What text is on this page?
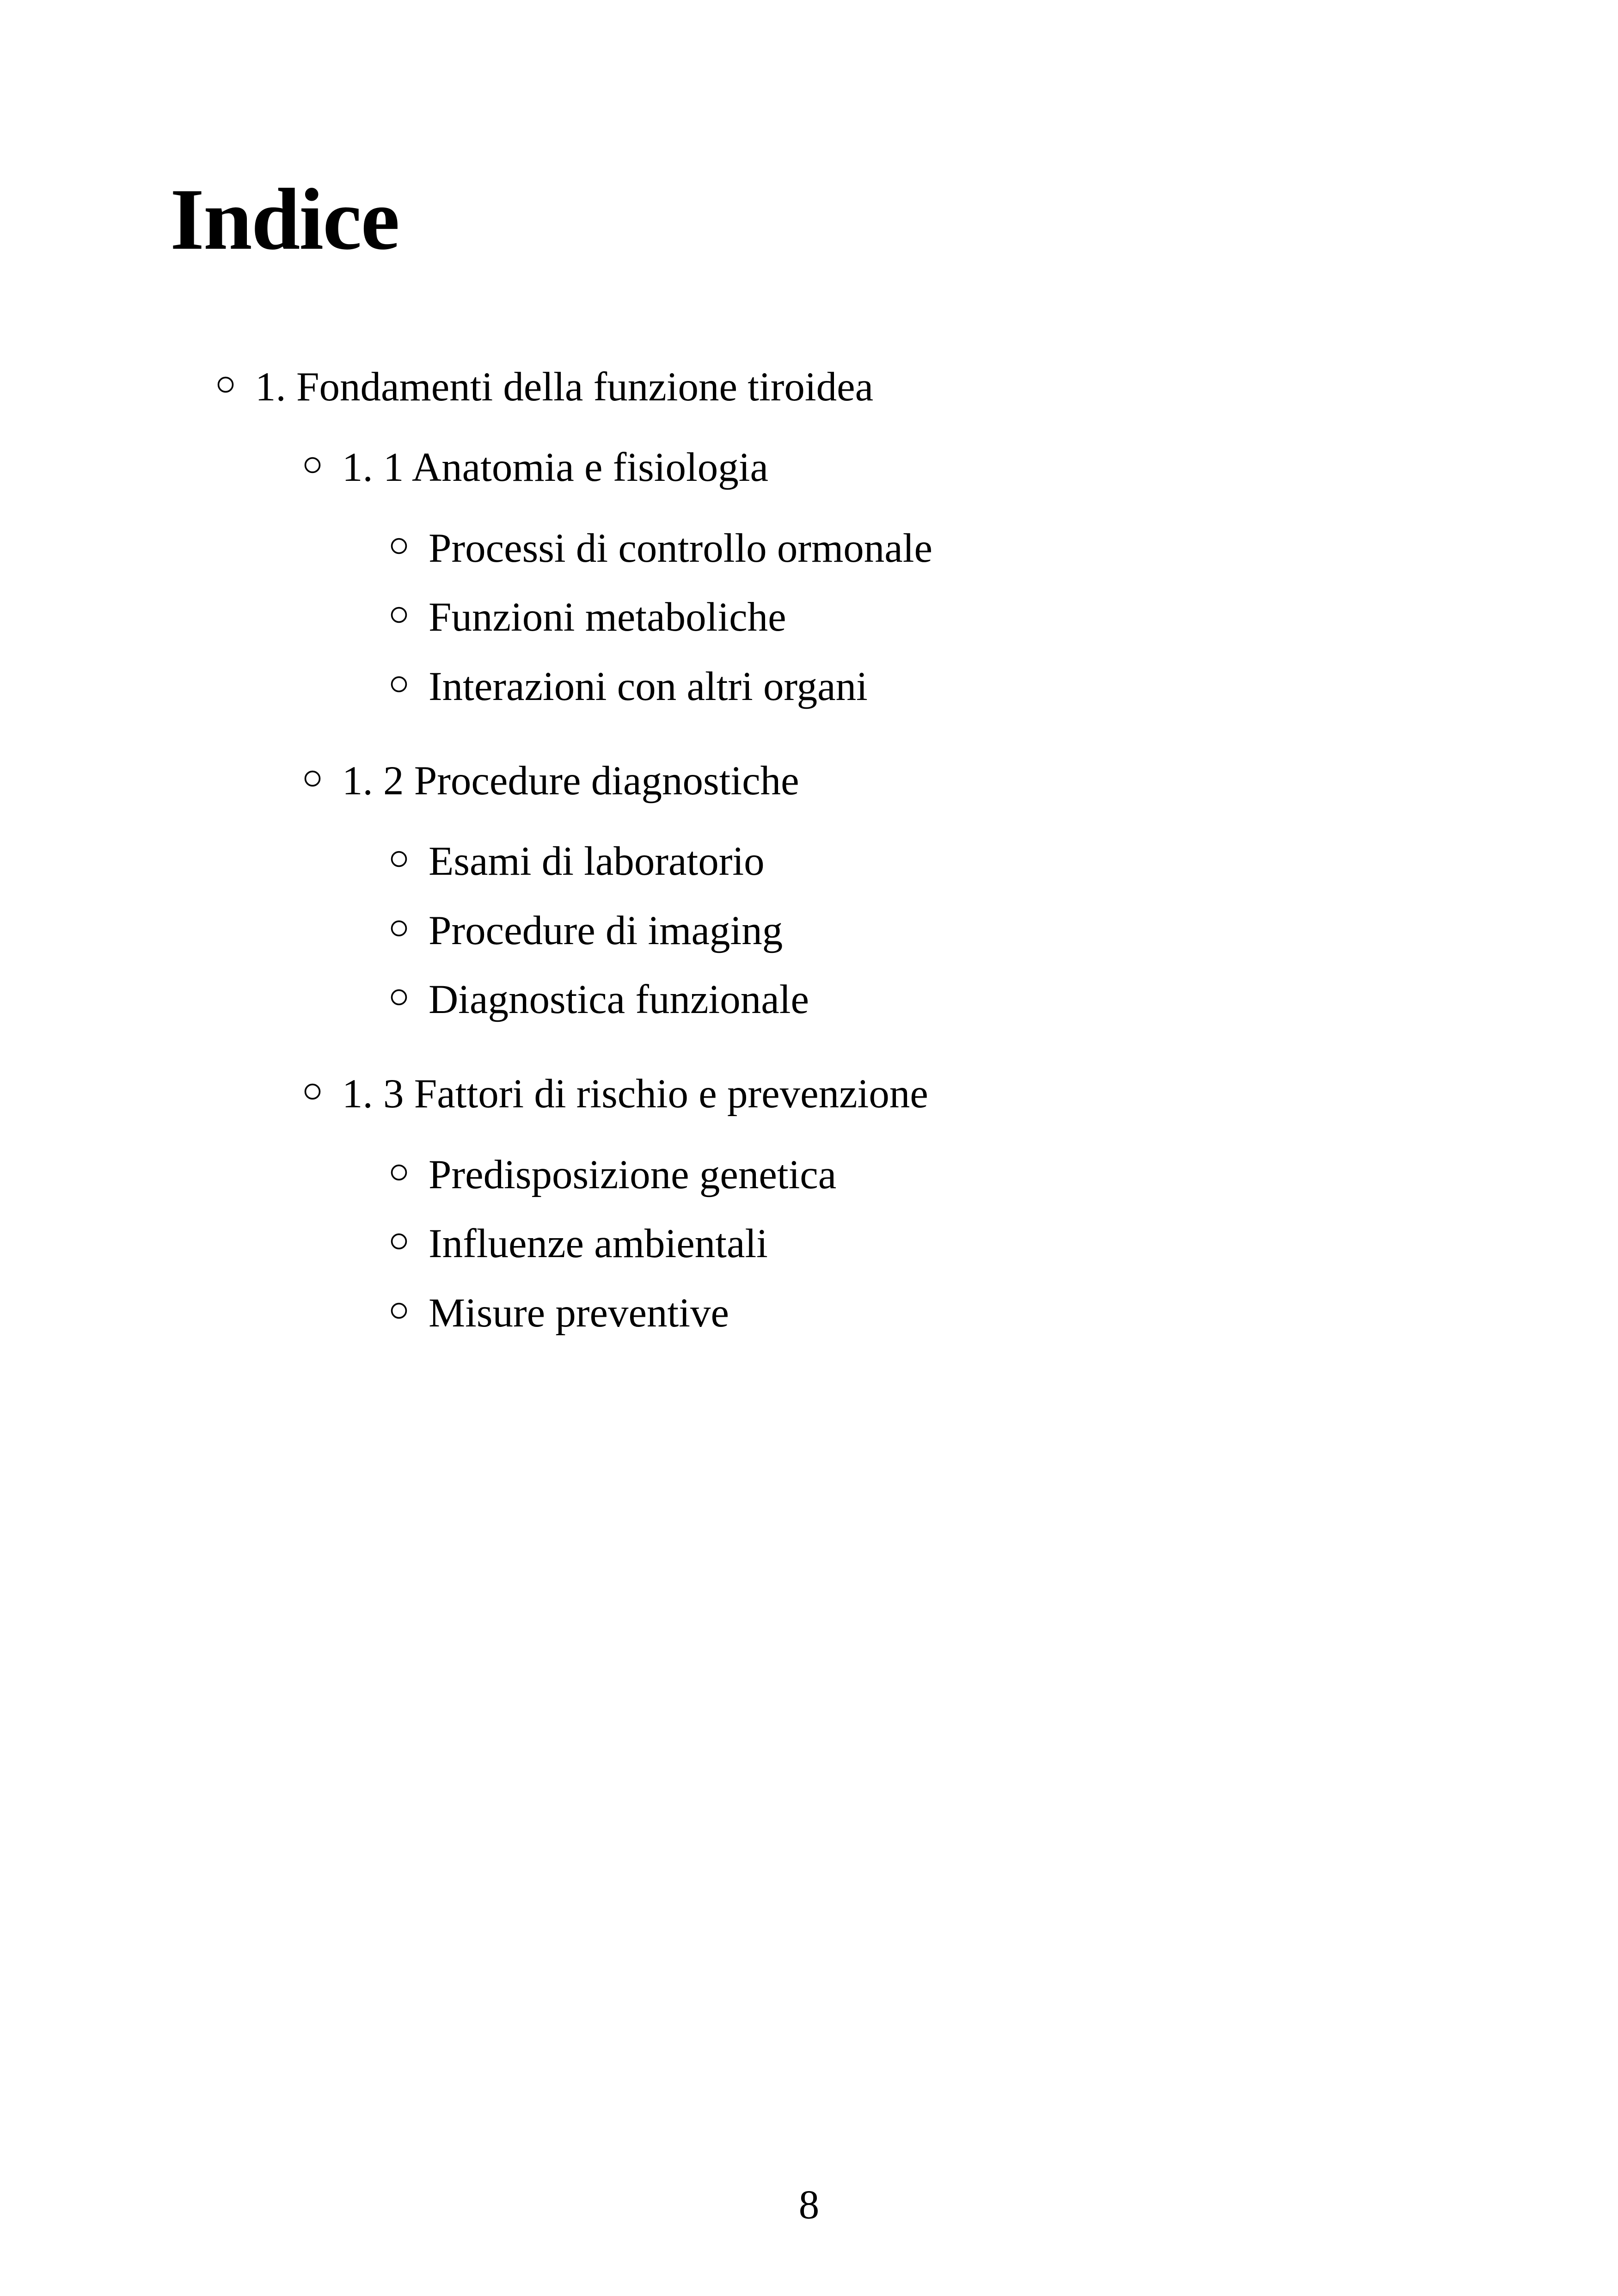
Indice
1. Fondamenti della funzione tiroidea
1. 1 Anatomia e fisiologia
Processi di controllo ormonale
Funzioni metaboliche
Interazioni con altri organi
1. 2 Procedure diagnostiche
Esami di laboratorio
Procedure di imaging
Diagnostica funzionale
1. 3 Fattori di rischio e prevenzione
Predisposizione genetica
Influenze ambientali
Misure preventive
8
